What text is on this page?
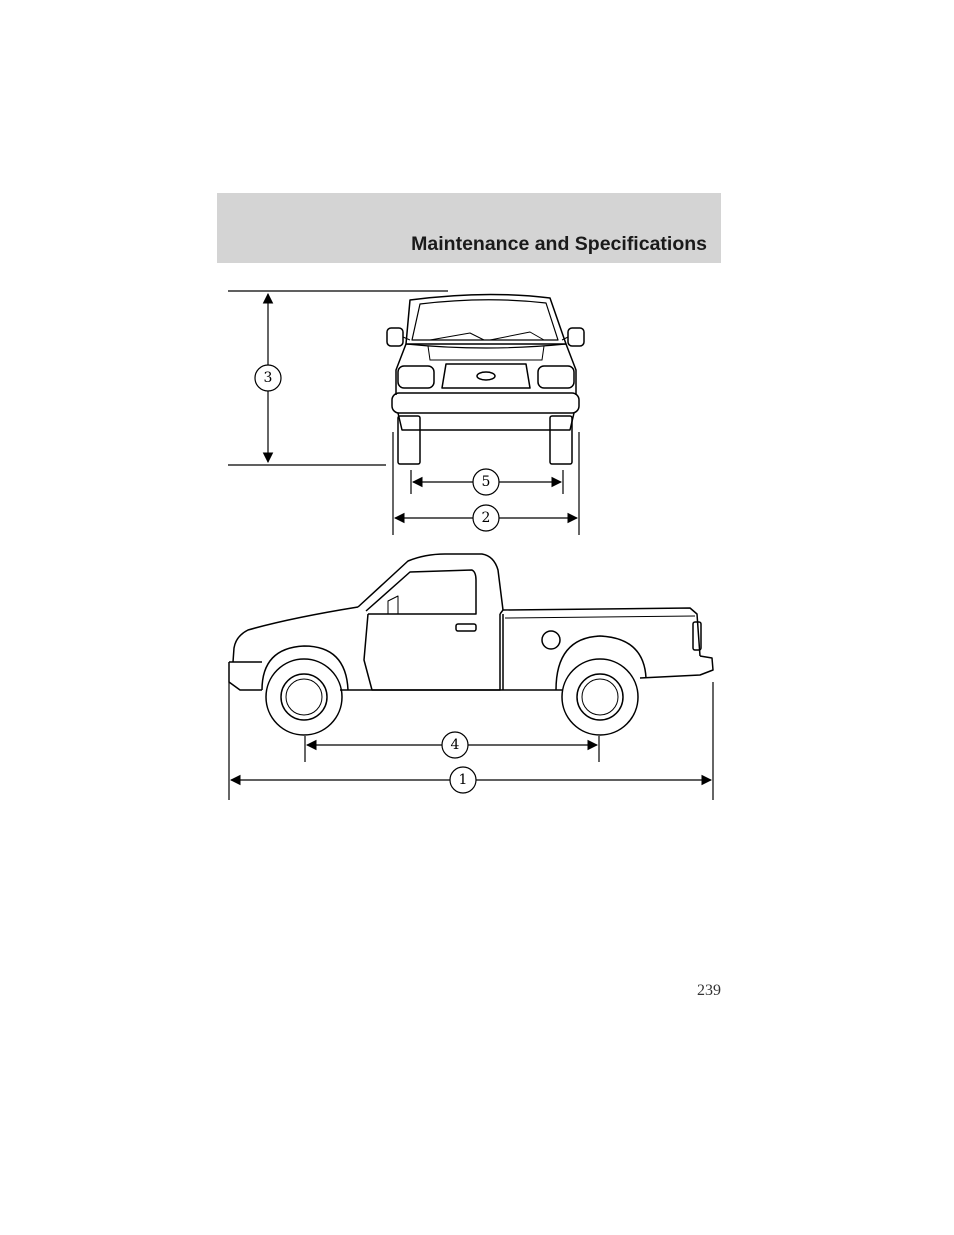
Maintenance and Specifications
3
5
2
4
1
239
